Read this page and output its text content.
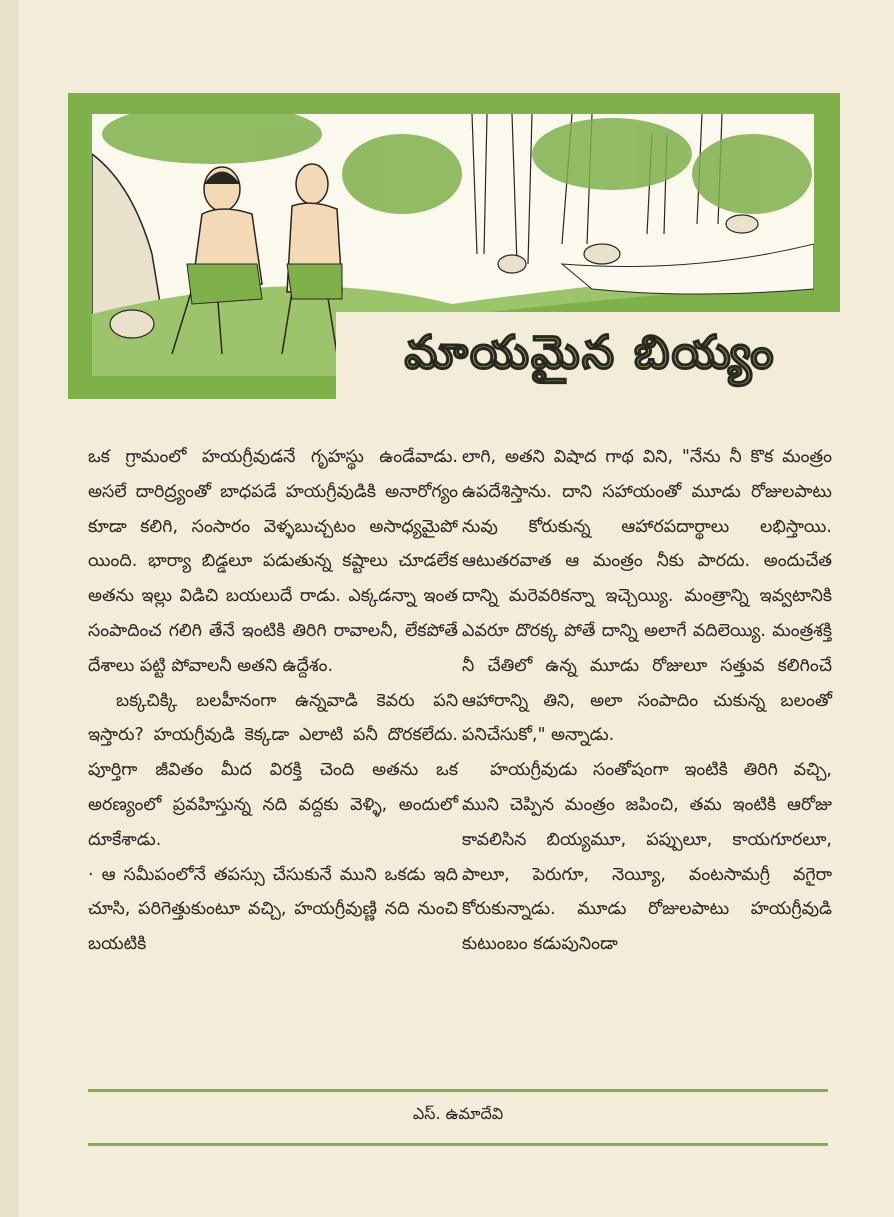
మాయమైన బియ్యం

ఒక గ్రామంలో హయగ్రీవుడనే గృహస్థు ఉండేవాడు. అసలే దారిద్ర్యంతో బాధపడే హయగ్రీవుడికి అనారోగ్యం కూడా కలిగి, సంసారం వెళ్ళబుచ్చటం అసాధ్యమైపో యింది. భార్యా బిడ్డలూ పడుతున్న కష్టాలు చూడలేక అతను ఇల్లు విడిచి బయలుదే రాడు. ఎక్కడన్నా ఇంత సంపాదించ గలిగి తేనే ఇంటికి తిరిగి రావాలనీ, లేకపోతే దేశాలు పట్టి పోవాలనీ అతని ఉద్దేశం.

బక్కచిక్కి బలహీనంగా ఉన్నవాడి కెవరు పని ఇస్తారు? హయగ్రీవుడి కెక్కడా ఎలాటి పనీ దొరకలేదు. పూర్తిగా జీవితం మీద విరక్తి చెంది అతను ఒక అరణ్యంలో ప్రవహిస్తున్న నది వద్దకు వెళ్ళి, అందులో దూకేశాడు.

· ఆ సమీపంలోనే తపస్సు చేసుకునే ముని ఒకడు ఇది చూసి, పరిగెత్తుకుంటూ వచ్చి, హయగ్రీవుణ్ణి నది నుంచి బయటికి

లాగి, అతని విషాద గాథ విని, "నేను నీ కొక మంత్రం ఉపదేశిస్తాను. దాని సహాయంతో మూడు రోజులపాటు నువు కోరుకున్న ఆహారపదార్థాలు లభిస్తాయి. ఆటుతరవాత ఆ మంత్రం నీకు పారదు. అందుచేత దాన్ని మరెవరికన్నా ఇచ్చెయ్యి. మంత్రాన్ని ఇవ్వటానికి ఎవరూ దొరక్క పోతే దాన్ని అలాగే వదిలెయ్యి. మంత్రశక్తి నీ చేతిలో ఉన్న మూడు రోజులూ సత్తువ కలిగించే ఆహారాన్ని తిని, అలా సంపాదిం చుకున్న బలంతో పనిచేసుకో," అన్నాడు.

హయగ్రీవుడు సంతోషంగా ఇంటికి తిరిగి వచ్చి, ముని చెప్పిన మంత్రం జపించి, తమ ఇంటికి ఆరోజు కావలిసిన బియ్యమూ, పప్పులూ, కాయగూరలూ, పాలూ, పెరుగూ, నెయ్యీ, వంటసామగ్రీ వగైరా కోరుకున్నాడు. మూడు రోజులపాటు హయగ్రీవుడి కుటుంబం కడుపునిండా

ఎస్. ఉమాదేవి
